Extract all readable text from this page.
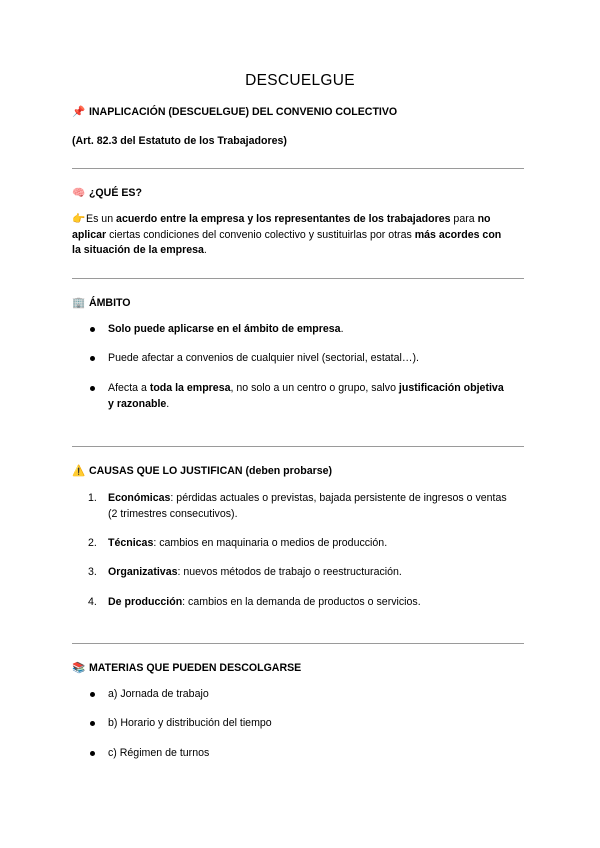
DESCUELGUE
📌 INAPLICACIÓN (DESCUELGUE) DEL CONVENIO COLECTIVO
(Art. 82.3 del Estatuto de los Trabajadores)
🧠 ¿QUÉ ES?
👉Es un acuerdo entre la empresa y los representantes de los trabajadores para no
aplicar ciertas condiciones del convenio colectivo y sustituirlas por otras más acordes con
la situación de la empresa.
🏢 ÁMBITO
Solo puede aplicarse en el ámbito de empresa.
Puede afectar a convenios de cualquier nivel (sectorial, estatal…).
Afecta a toda la empresa, no solo a un centro o grupo, salvo justificación objetiva
y razonable.
⚠️ CAUSAS QUE LO JUSTIFICAN (deben probarse)
1. Económicas: pérdidas actuales o previstas, bajada persistente de ingresos o ventas
(2 trimestres consecutivos).
2. Técnicas: cambios en maquinaria o medios de producción.
3. Organizativas: nuevos métodos de trabajo o reestructuración.
4. De producción: cambios en la demanda de productos o servicios.
📚 MATERIAS QUE PUEDEN DESCOLGARSE
a) Jornada de trabajo
b) Horario y distribución del tiempo
c) Régimen de turnos
